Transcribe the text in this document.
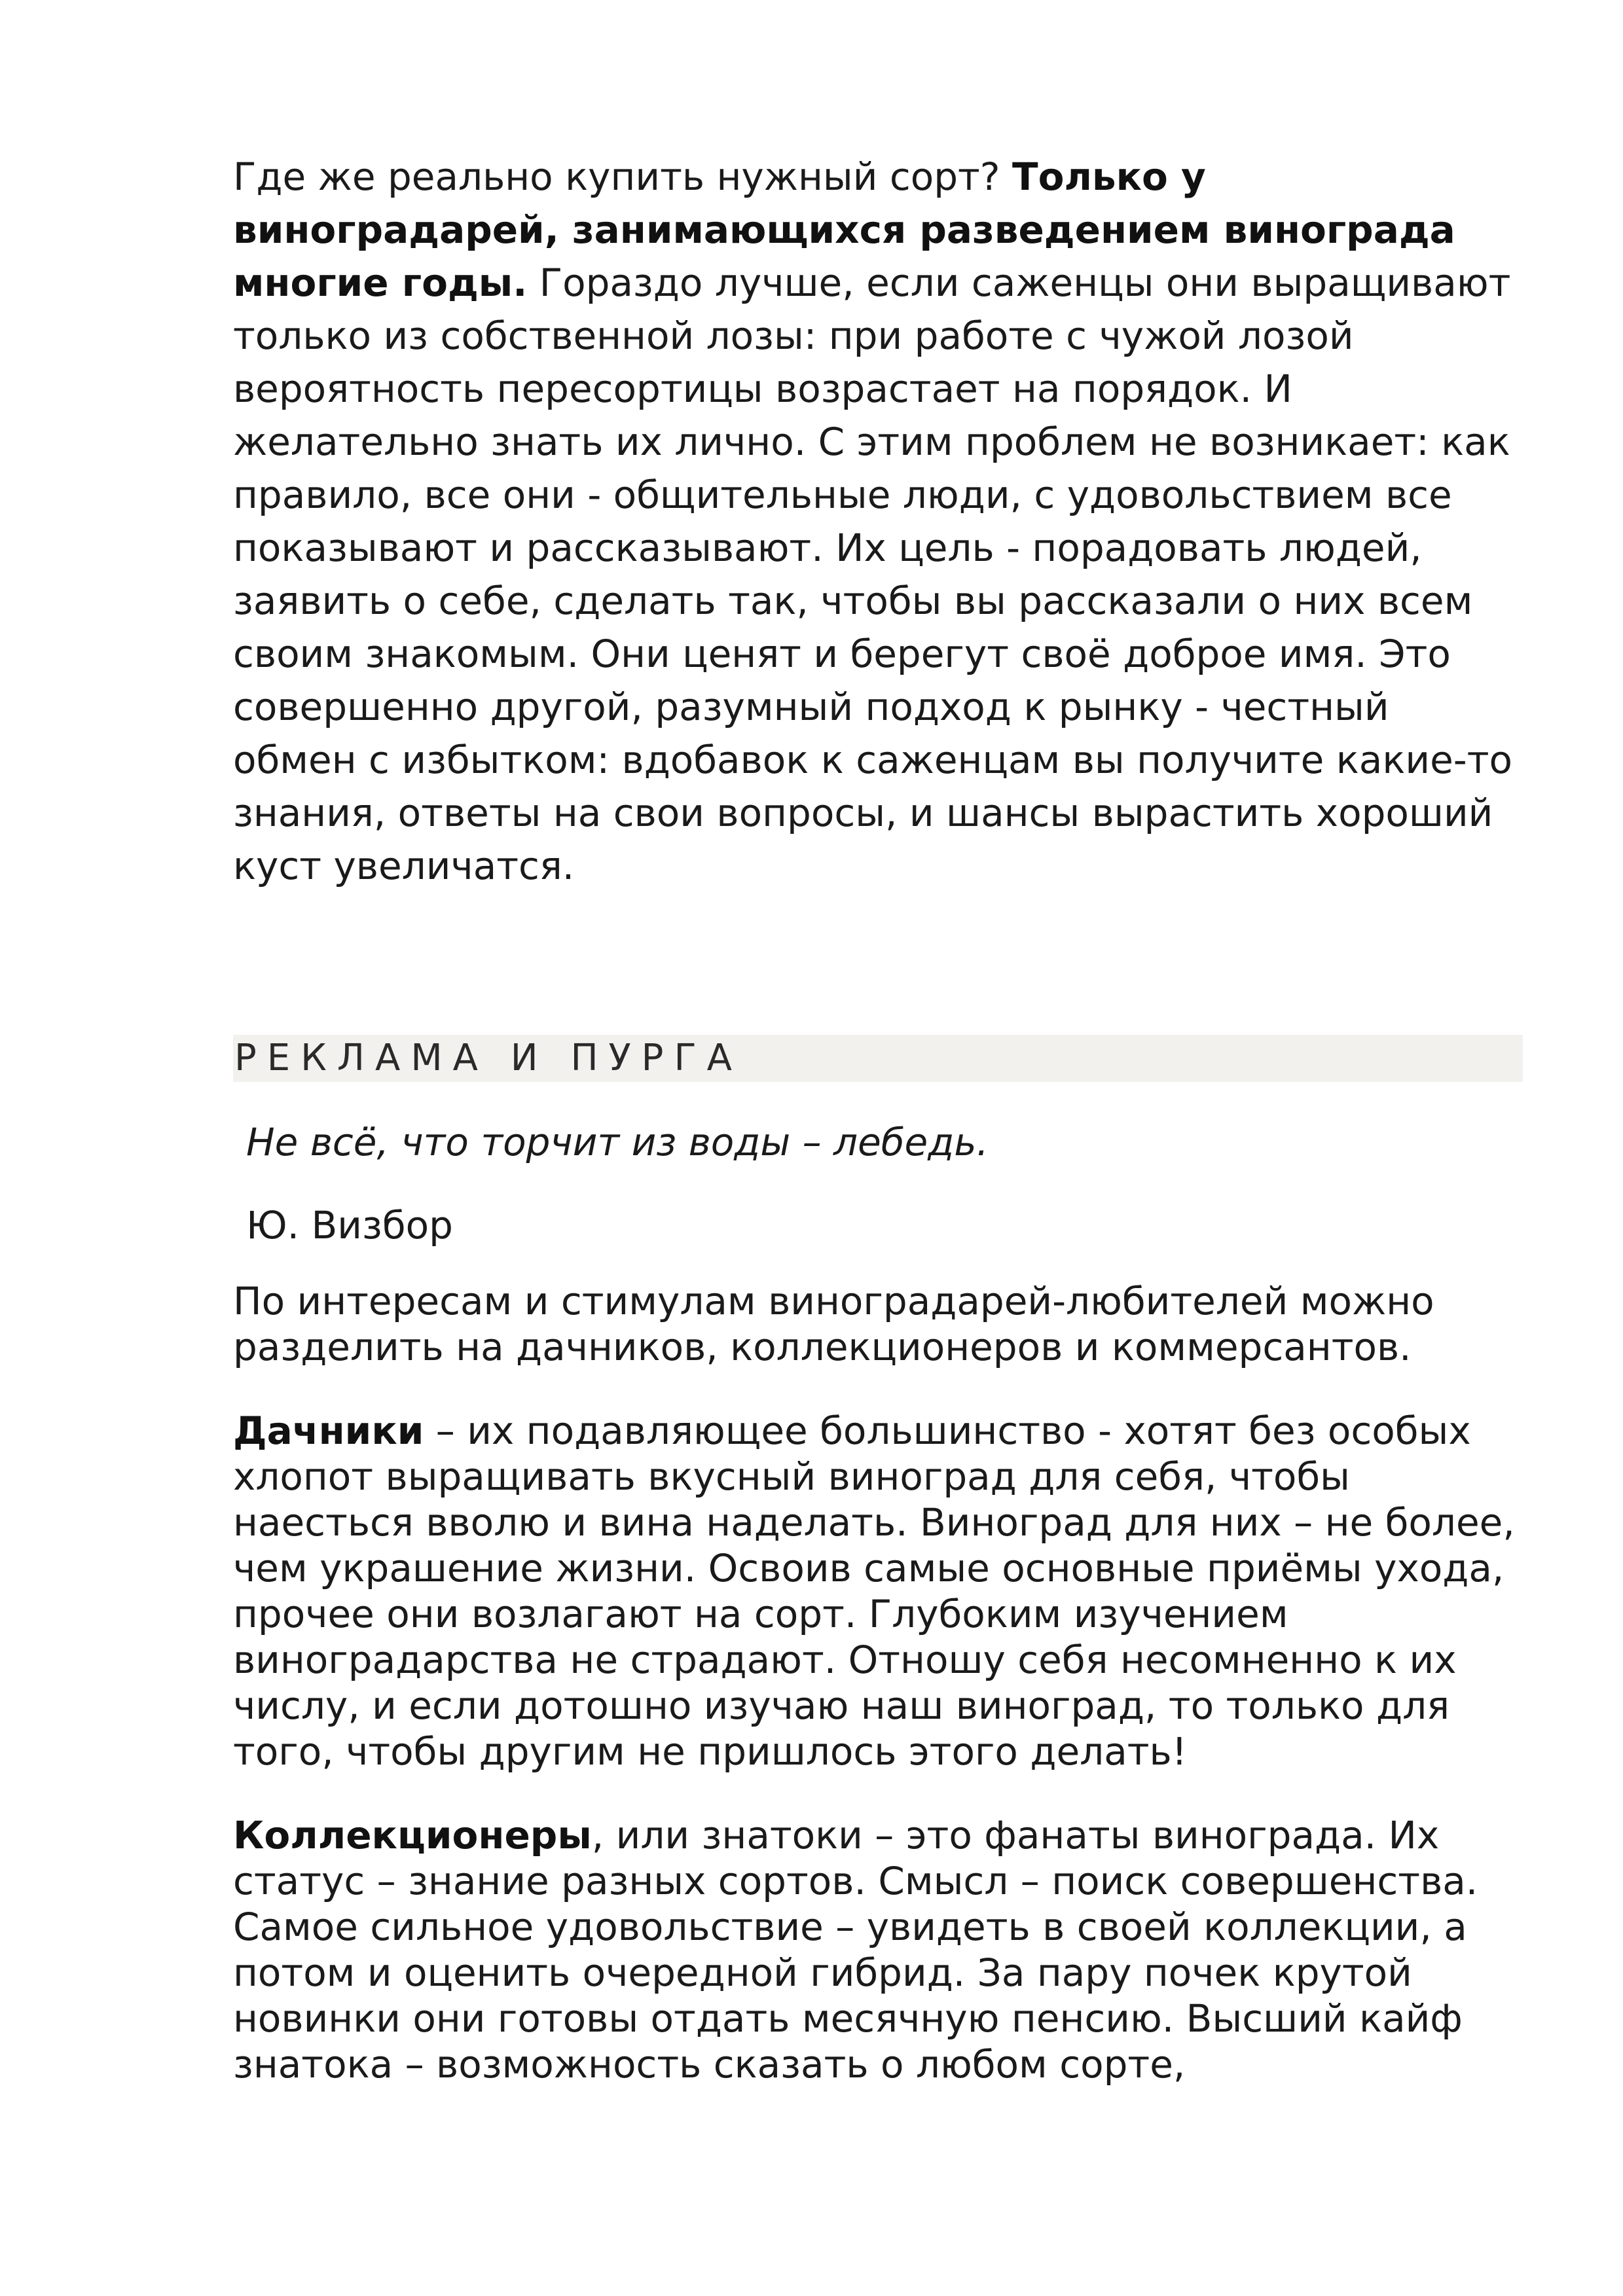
Где же реально купить нужный сорт? Только у виноградарей, занимающихся разведением винограда многие годы. Гораздо лучше, если саженцы они выращивают только из собственной лозы: при работе с чужой лозой вероятность пересортицы возрастает на порядок. И желательно знать их лично. С этим проблем не возникает: как правило, все они - общительные люди, с удовольствием все показывают и рассказывают. Их цель - порадовать людей, заявить о себе, сделать так, чтобы вы рассказали о них всем своим знакомым. Они ценят и берегут своё доброе имя. Это совершенно другой, разумный подход к рынку - честный обмен с избытком: вдобавок к саженцам вы получите какие-то знания, ответы на свои вопросы, и шансы вырастить хороший куст увеличатся.

РЕКЛАМА И ПУРГА

Не всё, что торчит из воды – лебедь.

Ю. Визбор

По интересам и стимулам виноградарей-любителей можно разделить на дачников, коллекционеров и коммерсантов.

Дачники – их подавляющее большинство - хотят без особых хлопот выращивать вкусный виноград для себя, чтобы наесться вволю и вина наделать. Виноград для них – не более, чем украшение жизни. Освоив самые основные приёмы ухода, прочее они возлагают на сорт. Глубоким изучением виноградарства не страдают. Отношу себя несомненно к их числу, и если дотошно изучаю наш виноград, то только для того, чтобы другим не пришлось этого делать!

Коллекционеры, или знатоки – это фанаты винограда. Их статус – знание разных сортов. Смысл – поиск совершенства. Самое сильное удовольствие – увидеть в своей коллекции, а потом и оценить очередной гибрид. За пару почек крутой новинки они готовы отдать месячную пенсию. Высший кайф знатока – возможность сказать о любом сорте,
